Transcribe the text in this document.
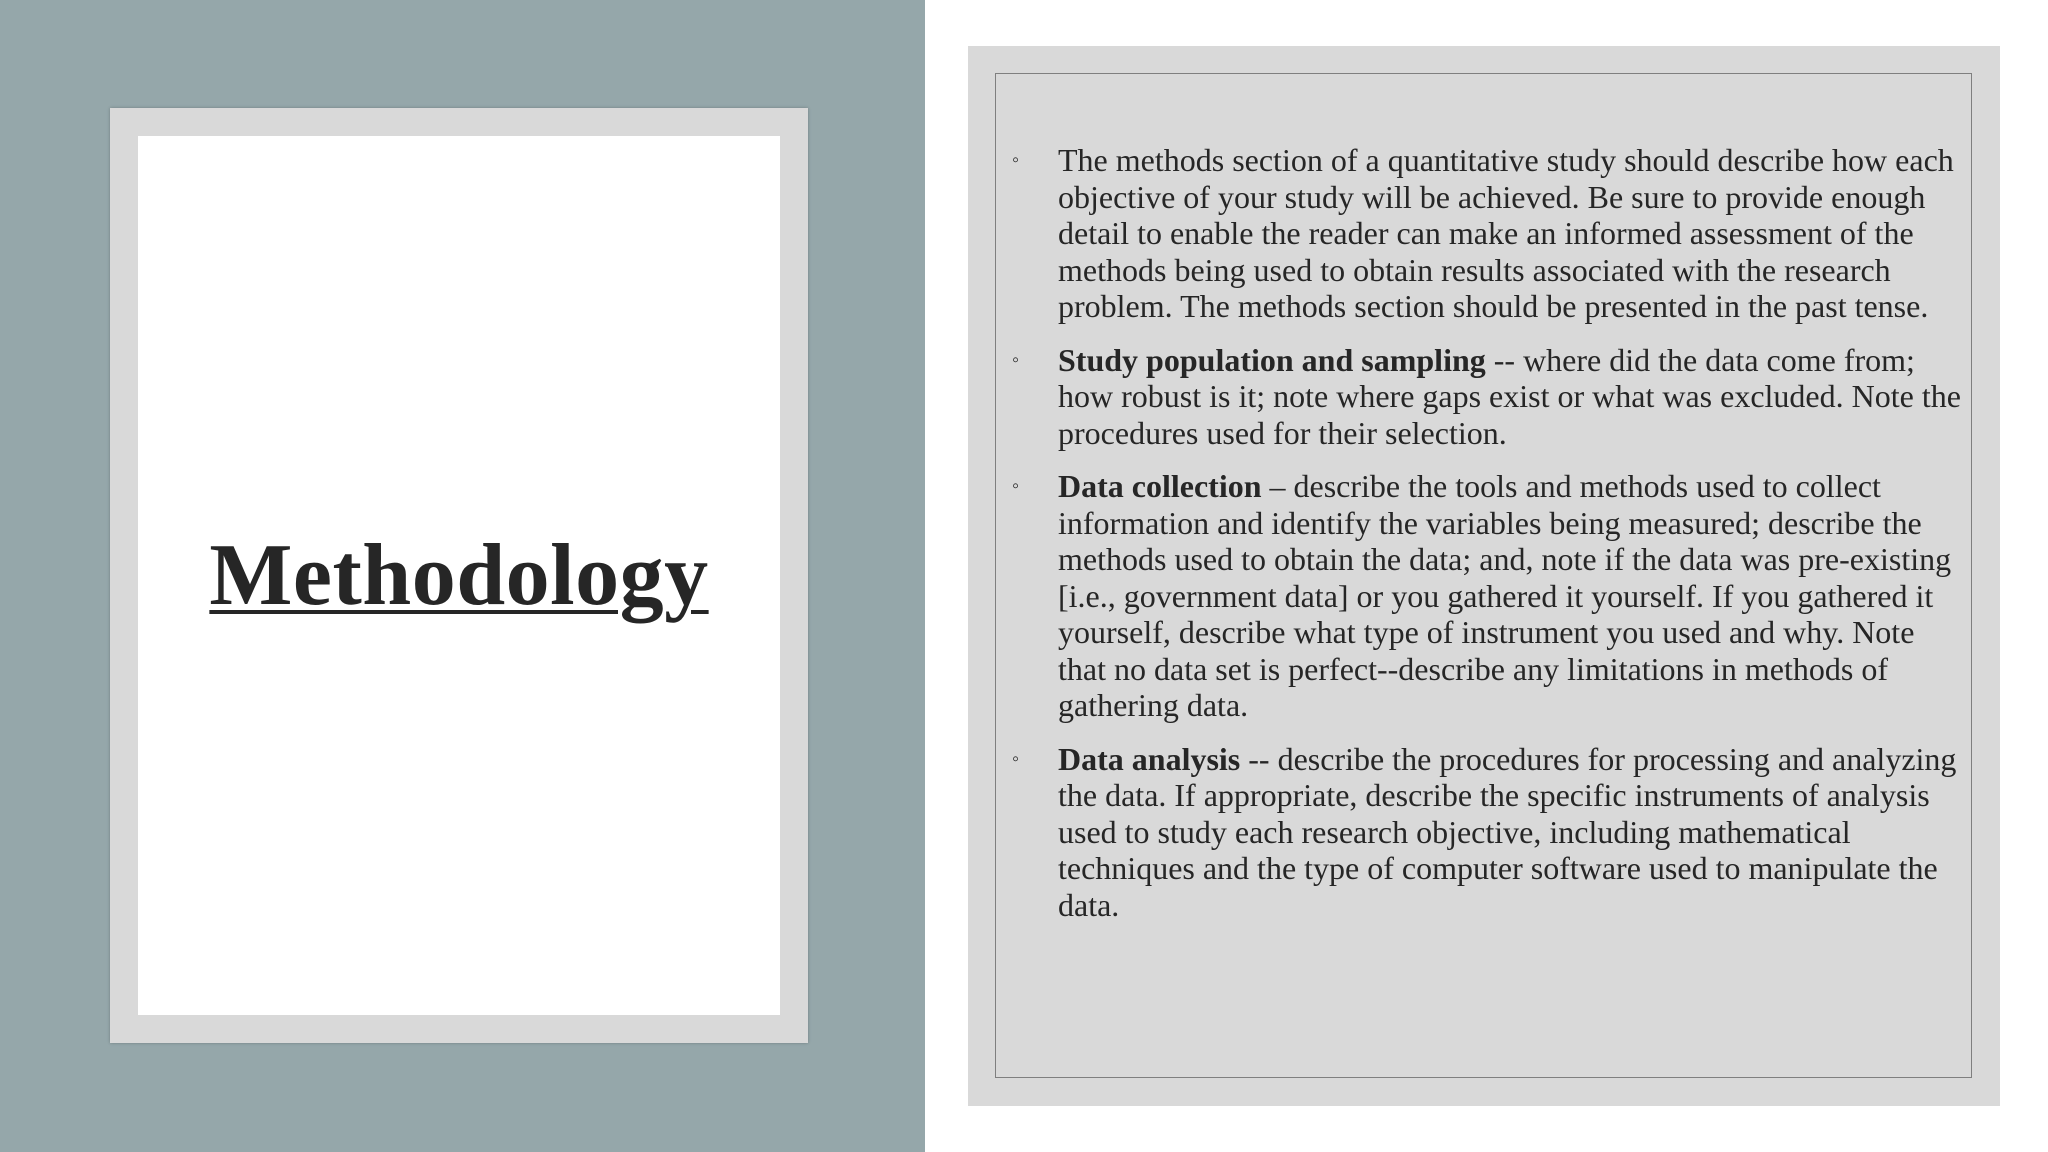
Methodology
◦ The methods section of a quantitative study should describe how each objective of your study will be achieved. Be sure to provide enough detail to enable the reader can make an informed assessment of the methods being used to obtain results associated with the research problem. The methods section should be presented in the past tense.
◦ Study population and sampling -- where did the data come from; how robust is it; note where gaps exist or what was excluded. Note the procedures used for their selection.
◦ Data collection – describe the tools and methods used to collect information and identify the variables being measured; describe the methods used to obtain the data; and, note if the data was pre-existing [i.e., government data] or you gathered it yourself. If you gathered it yourself, describe what type of instrument you used and why. Note that no data set is perfect--describe any limitations in methods of gathering data.
◦ Data analysis -- describe the procedures for processing and analyzing the data. If appropriate, describe the specific instruments of analysis used to study each research objective, including mathematical techniques and the type of computer software used to manipulate the data.
